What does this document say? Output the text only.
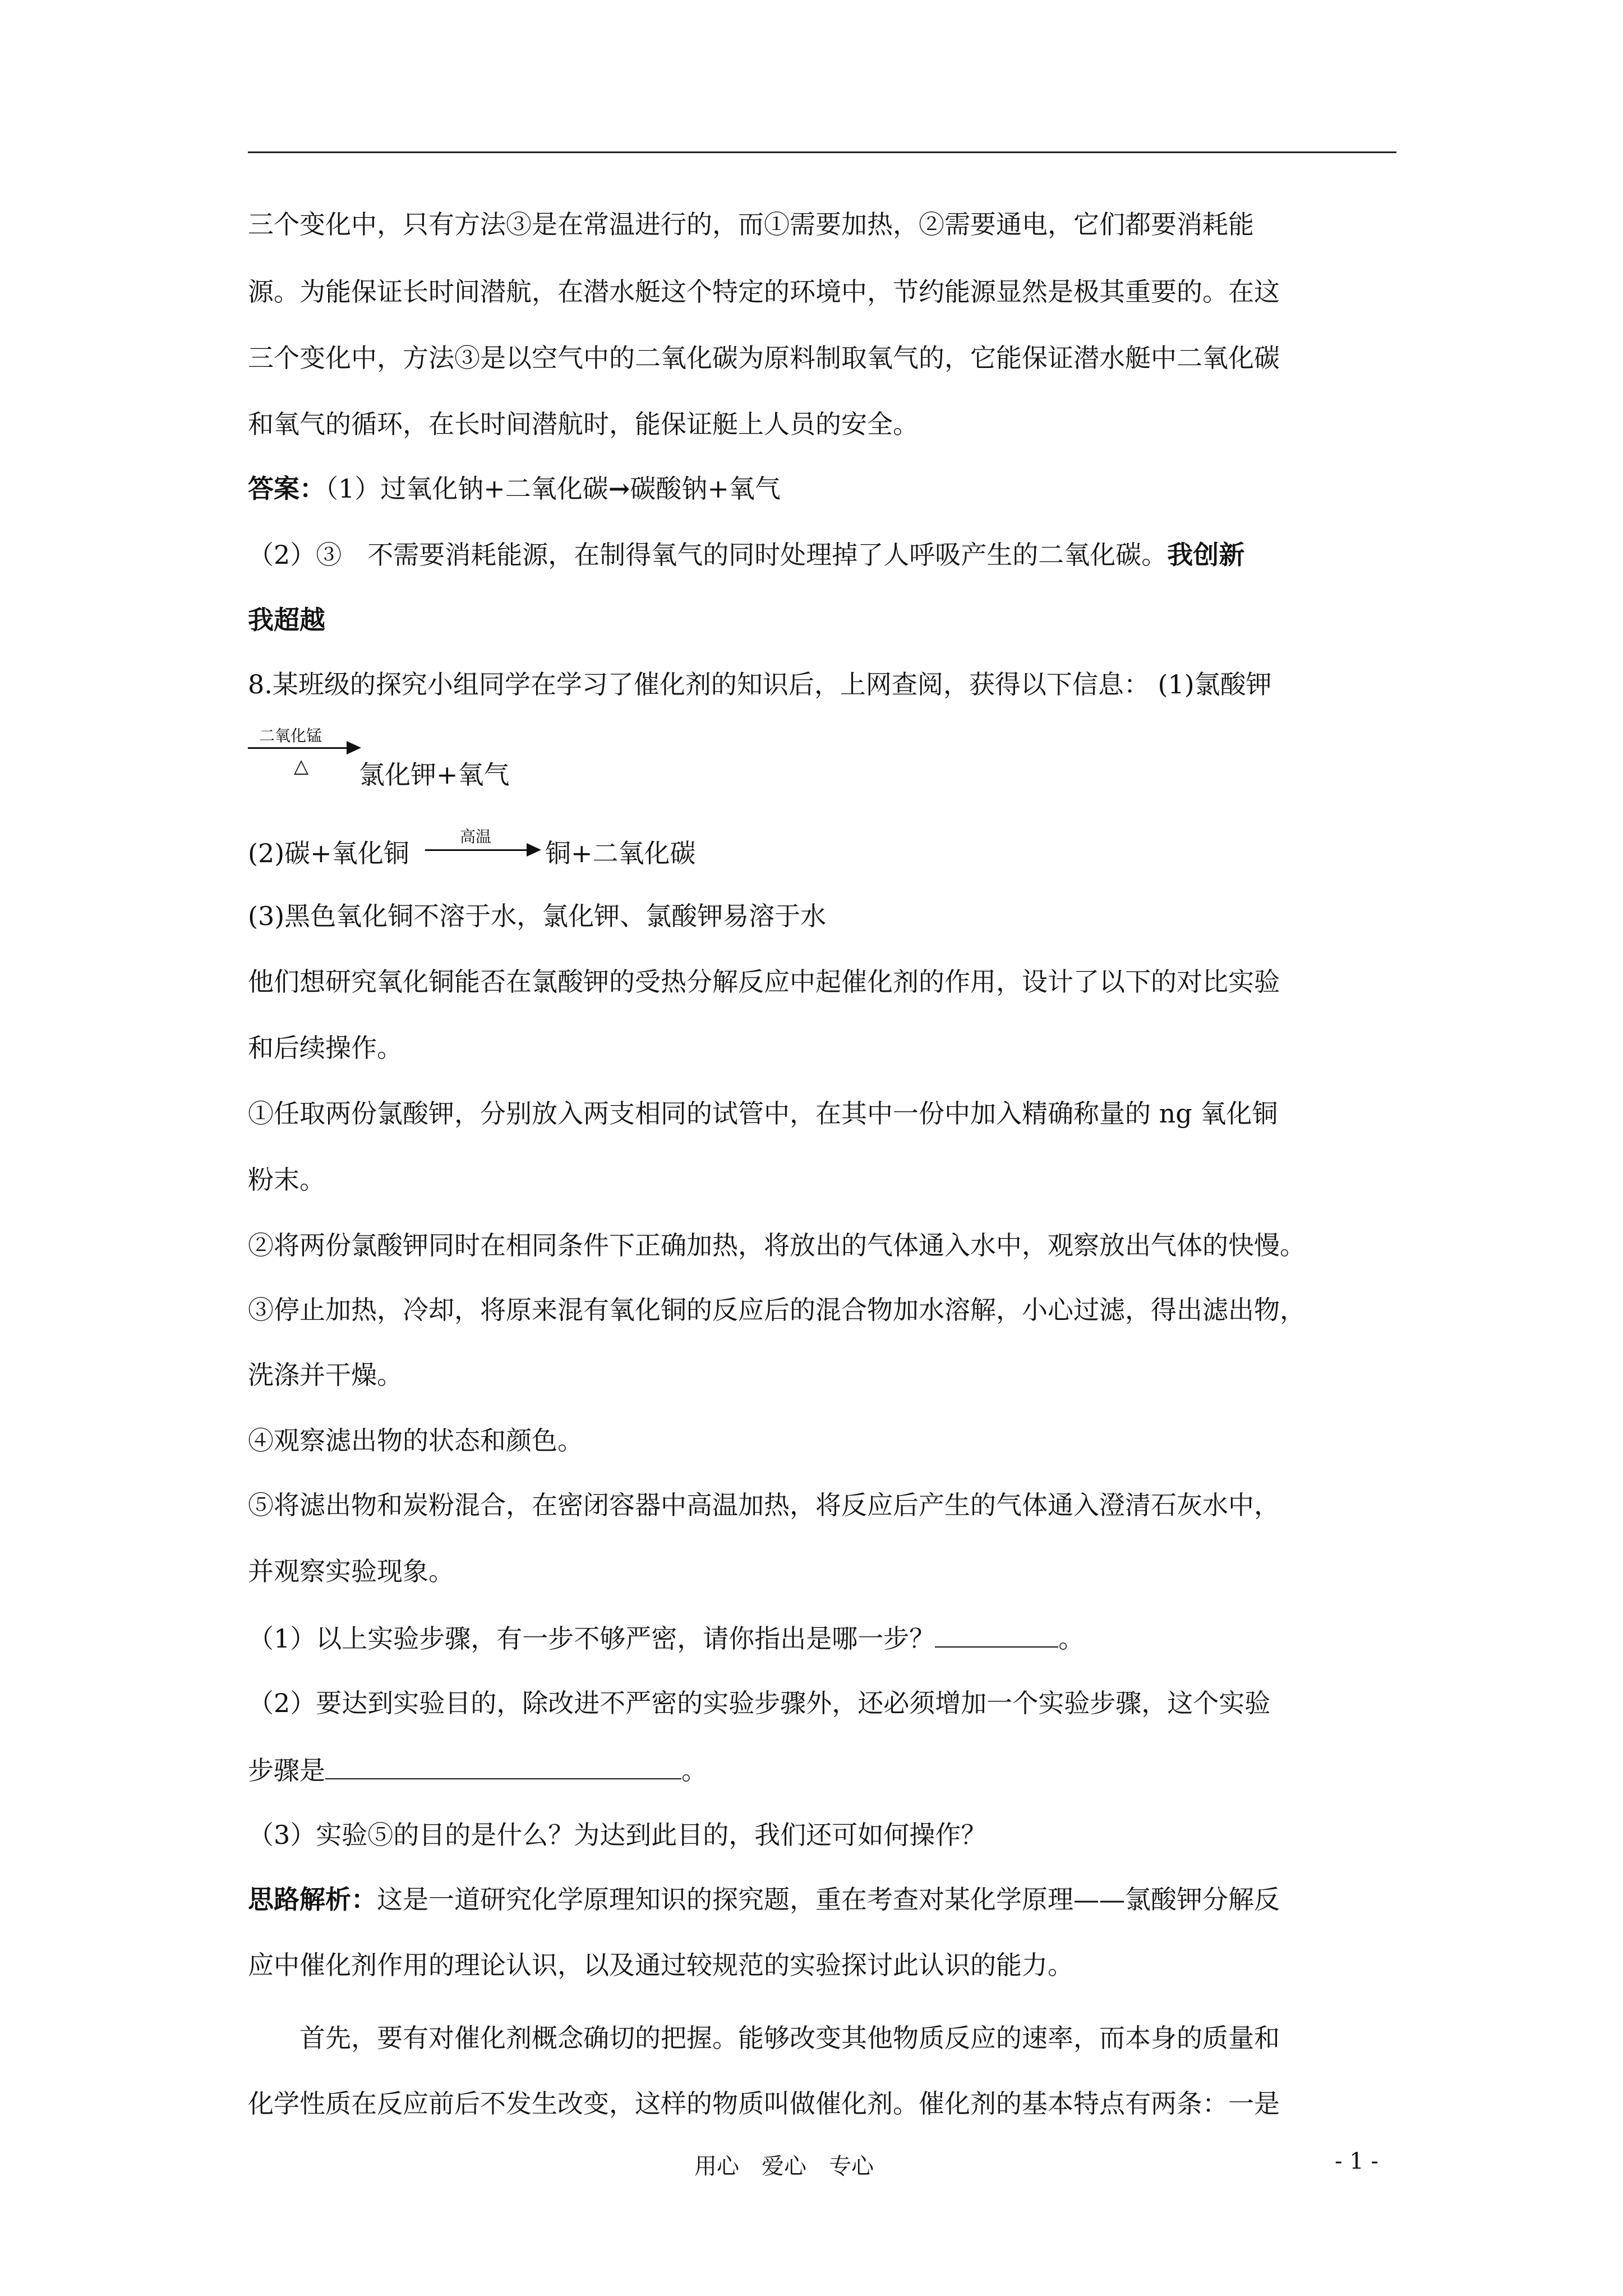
三个变化中，只有方法③是在常温进行的，而①需要加热，②需要通电，它们都要消耗能
源。为能保证长时间潜航，在潜水艇这个特定的环境中，节约能源显然是极其重要的。在这
三个变化中，方法③是以空气中的二氧化碳为原料制取氧气的，它能保证潜水艇中二氧化碳
和氧气的循环，在长时间潜航时，能保证艇上人员的安全。
答案：（1）过氧化钠+二氧化碳→碳酸钠+氧气
（2）③　不需要消耗能源，在制得氧气的同时处理掉了人呼吸产生的二氧化碳。我创新
我超越
8.某班级的探究小组同学在学习了催化剂的知识后，上网查阅，获得以下信息： (1)氯酸钾
二氧化锰
△ 氯化钾+氧气
(2)碳+氧化铜
高温
铜+二氧化碳
(3)黑色氧化铜不溶于水，氯化钾、氯酸钾易溶于水
他们想研究氧化铜能否在氯酸钾的受热分解反应中起催化剂的作用，设计了以下的对比实验
和后续操作。
①任取两份氯酸钾，分别放入两支相同的试管中，在其中一份中加入精确称量的 ng 氧化铜
粉末。
②将两份氯酸钾同时在相同条件下正确加热，将放出的气体通入水中，观察放出气体的快慢。
③停止加热，冷却，将原来混有氧化铜的反应后的混合物加水溶解，小心过滤，得出滤出物，
洗涤并干燥。
④观察滤出物的状态和颜色。
⑤将滤出物和炭粉混合，在密闭容器中高温加热，将反应后产生的气体通入澄清石灰水中，
并观察实验现象。
（1）以上实验步骤，有一步不够严密，请你指出是哪一步？	。
（2）要达到实验目的，除改进不严密的实验步骤外，还必须增加一个实验步骤，这个实验
步骤是	。
（3）实验⑤的目的是什么？为达到此目的，我们还可如何操作？
思路解析：这是一道研究化学原理知识的探究题，重在考查对某化学原理——氯酸钾分解反
应中催化剂作用的理论认识，以及通过较规范的实验探讨此认识的能力。
首先，要有对催化剂概念确切的把握。能够改变其他物质反应的速率，而本身的质量和
化学性质在反应前后不发生改变，这样的物质叫做催化剂。催化剂的基本特点有两条：一是
用心　爱心　专心	- 1 -
